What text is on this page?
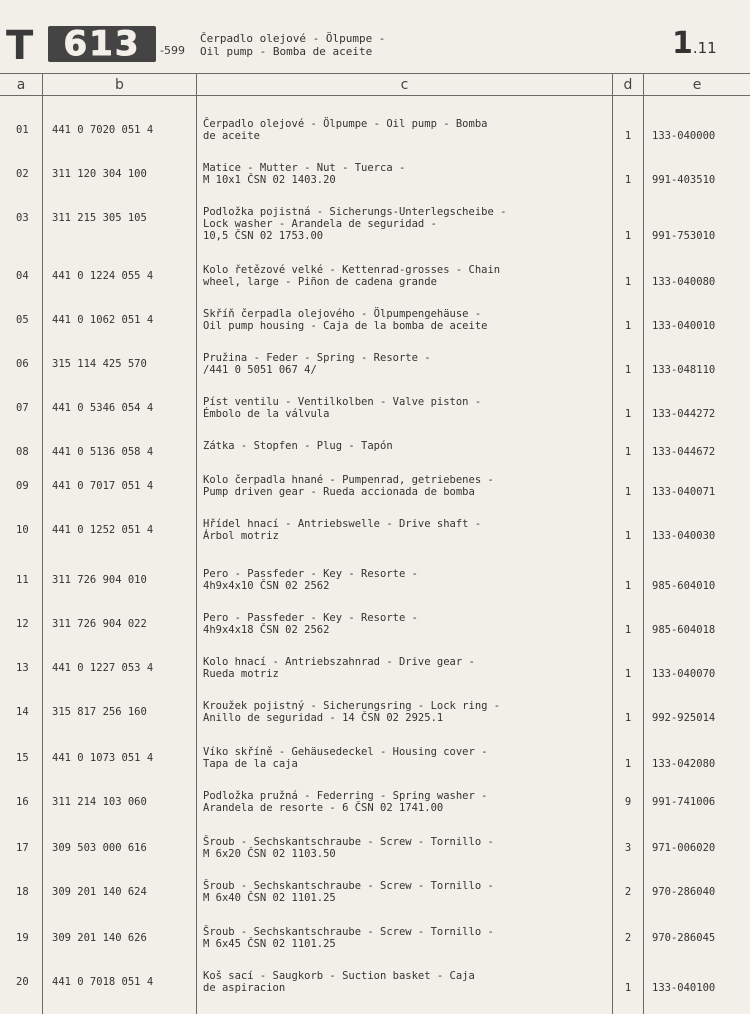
T 613 -599
Čerpadlo olejové - Ölpumpe -
Oil pump - Bomba de aceite	1.11
a	b	c	d	e
01	441 0 7020 051 4	Čerpadlo olejové - Ölpumpe - Oil pump - Bomba
de aceite	1	133-040000
02	311 120 304 100	Matice - Mutter - Nut - Tuerca -
M 10x1 ČSN 02 1403.20	1	991-403510
03	311 215 305 105	Podložka pojistná - Sicherungs-Unterlegscheibe -
Lock washer - Arandela de seguridad -
10,5 ČSN 02 1753.00	1	991-753010
04	441 0 1224 055 4	Kolo řetězové velké - Kettenrad-grosses - Chain
wheel, large - Piñon de cadena grande	1	133-040080
05	441 0 1062 051 4	Skříň čerpadla olejového - Ölpumpengehäuse -
Oil pump housing - Caja de la bomba de aceite	1	133-040010
06	315 114 425 570	Pružina - Feder - Spring - Resorte -
/441 0 5051 067 4/	1	133-048110
07	441 0 5346 054 4	Píst ventilu - Ventilkolben - Valve piston -
Émbolo de la válvula	1	133-044272
08	441 0 5136 058 4	Zátka - Stopfen - Plug - Tapón	1	133-044672
09	441 0 7017 051 4	Kolo čerpadla hnané - Pumpenrad, getriebenes -
Pump driven gear - Rueda accionada de bomba	1	133-040071
10	441 0 1252 051 4	Hřídel hnací - Antriebswelle - Drive shaft -
Árbol motriz	1	133-040030
11	311 726 904 010	Pero - Passfeder - Key - Resorte -
4h9x4x10 ČSN 02 2562	1	985-604010
12	311 726 904 022	Pero - Passfeder - Key - Resorte -
4h9x4x18 ČSN 02 2562	1	985-604018
13	441 0 1227 053 4	Kolo hnací - Antriebszahnrad - Drive gear -
Rueda motriz	1	133-040070
14	315 817 256 160	Kroužek pojistný - Sicherungsring - Lock ring -
Anillo de seguridad - 14 ČSN 02 2925.1	1	992-925014
15	441 0 1073 051 4	Víko skříně - Gehäusedeckel - Housing cover -
Tapa de la caja	1	133-042080
16	311 214 103 060	Podložka pružná - Federring - Spring washer -
Arandela de resorte - 6 ČSN 02 1741.00	9	991-741006
17	309 503 000 616	Šroub - Sechskantschraube - Screw - Tornillo -
M 6x20 ČSN 02 1103.50	3	971-006020
18	309 201 140 624	Šroub - Sechskantschraube - Screw - Tornillo -
M 6x40 ČSN 02 1101.25	2	970-286040
19	309 201 140 626	Šroub - Sechskantschraube - Screw - Tornillo -
M 6x45 ČSN 02 1101.25	2	970-286045
20	441 0 7018 051 4	Koš sací - Saugkorb - Suction basket - Caja
de aspiracion	1	133-040100
